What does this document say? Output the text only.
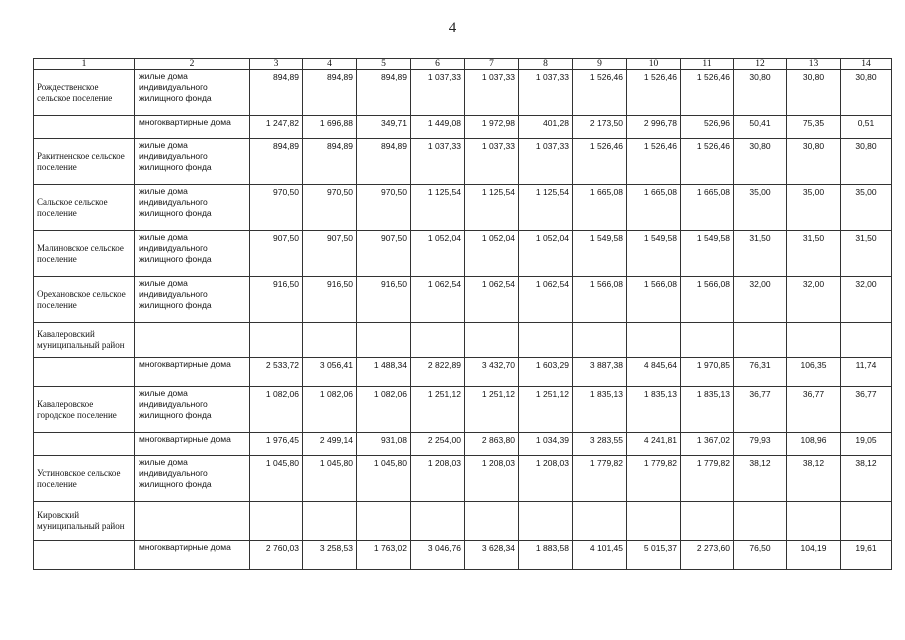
4
1	2	3	4	5	6	7	8	9	10	11	12	13	14
Рождественское сельское поселение	жилые дома индивидуального жилищного фонда	894,89	894,89	894,89	1 037,33	1 037,33	1 037,33	1 526,46	1 526,46	1 526,46	30,80	30,80	30,80
	многоквартирные дома	1 247,82	1 696,88	349,71	1 449,08	1 972,98	401,28	2 173,50	2 996,78	526,96	50,41	75,35	0,51
Ракитненское сельское поселение	жилые дома индивидуального жилищного фонда	894,89	894,89	894,89	1 037,33	1 037,33	1 037,33	1 526,46	1 526,46	1 526,46	30,80	30,80	30,80
Сальское сельское поселение	жилые дома индивидуального жилищного фонда	970,50	970,50	970,50	1 125,54	1 125,54	1 125,54	1 665,08	1 665,08	1 665,08	35,00	35,00	35,00
Малиновское сельское поселение	жилые дома индивидуального жилищного фонда	907,50	907,50	907,50	1 052,04	1 052,04	1 052,04	1 549,58	1 549,58	1 549,58	31,50	31,50	31,50
Орехановское сельское поселение	жилые дома индивидуального жилищного фонда	916,50	916,50	916,50	1 062,54	1 062,54	1 062,54	1 566,08	1 566,08	1 566,08	32,00	32,00	32,00
Кавалеровский муниципальный район													
	многоквартирные дома	2 533,72	3 056,41	1 488,34	2 822,89	3 432,70	1 603,29	3 887,38	4 845,64	1 970,85	76,31	106,35	11,74
Кавалеровское городское поселение	жилые дома индивидуального жилищного фонда	1 082,06	1 082,06	1 082,06	1 251,12	1 251,12	1 251,12	1 835,13	1 835,13	1 835,13	36,77	36,77	36,77
	многоквартирные дома	1 976,45	2 499,14	931,08	2 254,00	2 863,80	1 034,39	3 283,55	4 241,81	1 367,02	79,93	108,96	19,05
Устиновское сельское поселение	жилые дома индивидуального жилищного фонда	1 045,80	1 045,80	1 045,80	1 208,03	1 208,03	1 208,03	1 779,82	1 779,82	1 779,82	38,12	38,12	38,12
Кировский муниципальный район													
	многоквартирные дома	2 760,03	3 258,53	1 763,02	3 046,76	3 628,34	1 883,58	4 101,45	5 015,37	2 273,60	76,50	104,19	19,61
